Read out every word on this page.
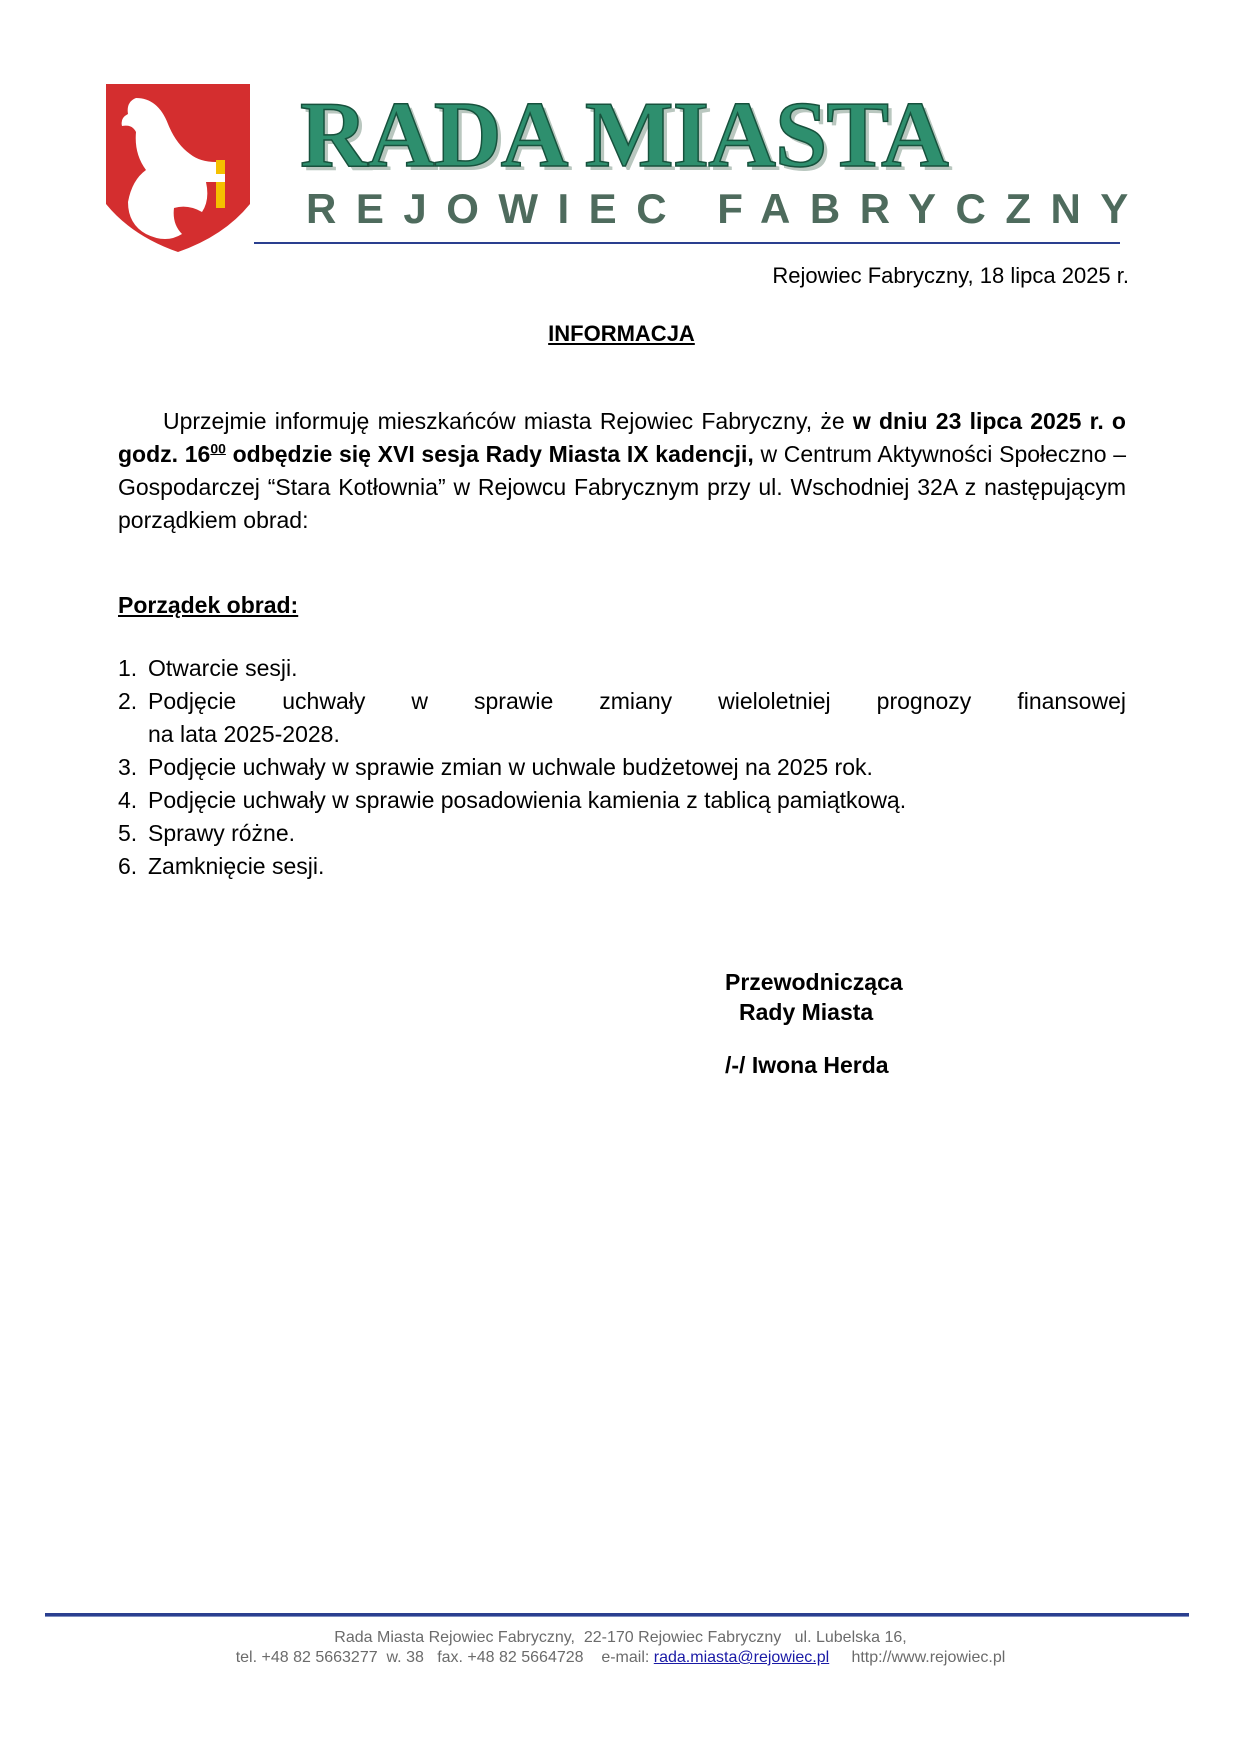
RADA MIASTA
REJOWIEC FABRYCZNY
Rejowiec Fabryczny, 18 lipca 2025 r.
INFORMACJA
Uprzejmie informuję mieszkańców miasta Rejowiec Fabryczny, że w dniu 23 lipca 2025 r. o godz. $16^{00}$ odbędzie się XVI sesja Rady Miasta IX kadencji, w Centrum Aktywności Społeczno – Gospodarczej “Stara Kotłownia” w Rejowcu Fabrycznym przy ul. Wschodniej 32A z następującym porządkiem obrad:
Porządek obrad:
1. Otwarcie sesji.
2. Podjęcie uchwały w sprawie zmiany wieloletniej prognozy finansowej
na lata 2025-2028.
3. Podjęcie uchwały w sprawie zmian w uchwale budżetowej na 2025 rok.
4. Podjęcie uchwały w sprawie posadowienia kamienia z tablicą pamiątkową.
5. Sprawy różne.
6. Zamknięcie sesji.
Przewodnicząca
Rady Miasta
/-/ Iwona Herda
Rada Miasta Rejowiec Fabryczny,  22-170 Rejowiec Fabryczny   ul. Lubelska 16,
tel. +48 82 5663277  w. 38   fax. +48 82 5664728    e-mail: rada.miasta@rejowiec.pl http://www.rejowiec.pl
